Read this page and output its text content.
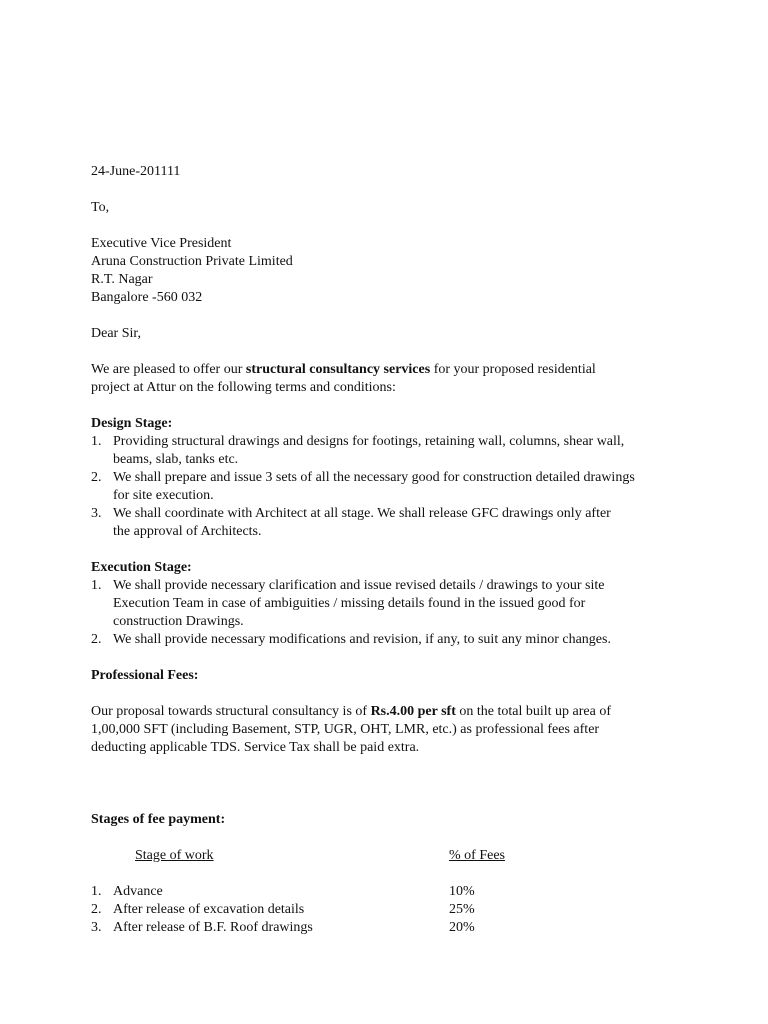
24-June-201111
To,
Executive Vice President
Aruna Construction Private Limited
R.T. Nagar
Bangalore -560 032
Dear Sir,
We are pleased to offer our structural consultancy services for your proposed residential
project at Attur on the following terms and conditions:
Design Stage:
1. Providing structural drawings and designs for footings, retaining wall, columns, shear wall,
beams, slab, tanks etc.
2. We shall prepare and issue 3 sets of all the necessary good for construction detailed drawings
for site execution.
3. We shall coordinate with Architect at all stage. We shall release GFC drawings only after
the approval of Architects.
Execution Stage:
1. We shall provide necessary clarification and issue revised details / drawings to your site
Execution Team in case of ambiguities / missing details found in the issued good for
construction Drawings.
2. We shall provide necessary modifications and revision, if any, to suit any minor changes.
Professional Fees:
Our proposal towards structural consultancy is of Rs.4.00 per sft on the total built up area of
1,00,000 SFT (including Basement, STP, UGR, OHT, LMR, etc.) as professional fees after
deducting applicable TDS. Service Tax shall be paid extra.
Stages of fee payment:
Stage of work	% of Fees
1. Advance	10%
2. After release of excavation details	25%
3. After release of B.F. Roof drawings	20%
